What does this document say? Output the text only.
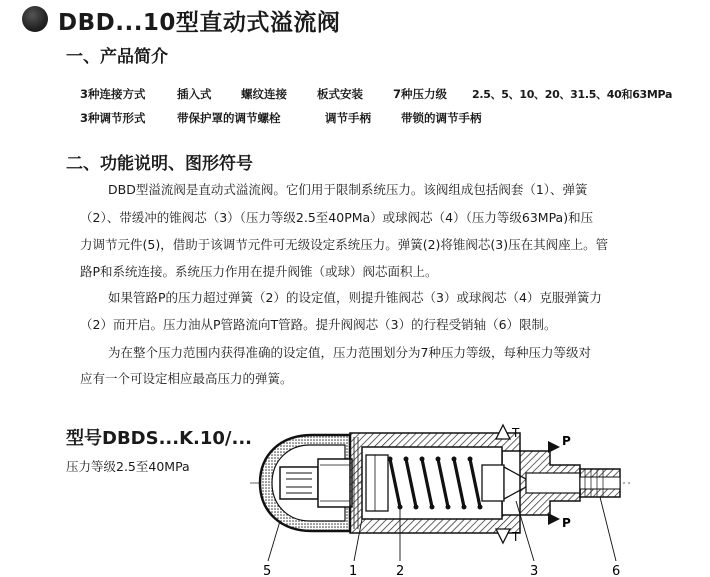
DBD...10型直动式溢流阀
一、产品简介
3种连接方式	插入式	螺纹连接	板式安装	7种压力级 2.5、5、10、20、31.5、40和63MPa
3种调节形式	带保护罩的调节螺栓	调节手柄	带锁的调节手柄
二、功能说明、图形符号
DBD型溢流阀是直动式溢流阀。它们用于限制系统压力。该阀组成包括阀套（1）、弹簧
（2）、带缓冲的锥阀芯（3）（压力等级2.5至40PMa）或球阀芯（4）（压力等级63MPa)和压
力调节元件(5)，借助于该调节元件可无级设定系统压力。弹簧(2)将锥阀芯(3)压在其阀座上。管
路P和系统连接。系统压力作用在提升阀锥（或球）阀芯面积上。
如果管路P的压力超过弹簧（2）的设定值，则提升锥阀芯（3）或球阀芯（4）克服弹簧力
（2）而开启。压力油从P管路流向T管路。提升阀阀芯（3）的行程受销轴（6）限制。
为在整个压力范围内获得准确的设定值，压力范围划分为7种压力等级，每种压力等级对
应有一个可设定相应最高压力的弹簧。
型号DBDS...K.10/...
压力等级2.5至40MPa
T
T
P
P
5	1	2	3	6
